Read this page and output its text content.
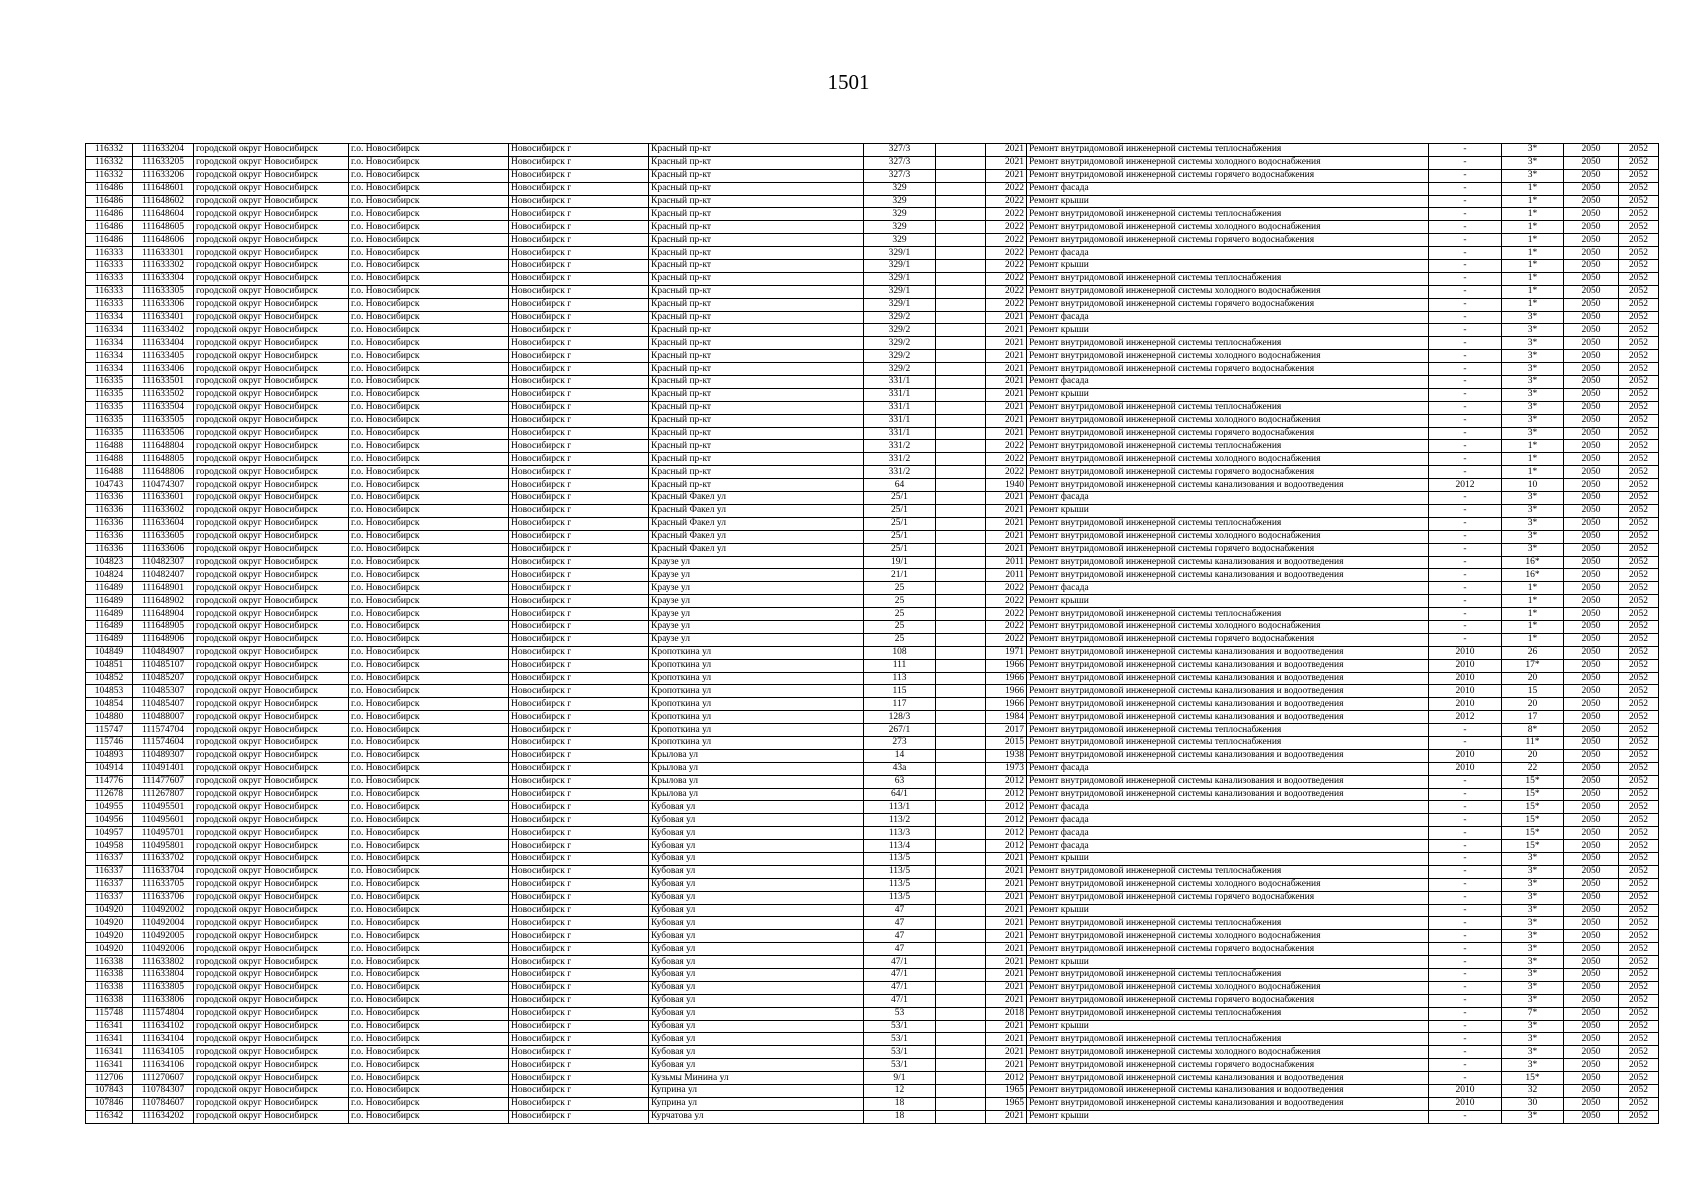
1501
116332	111633204	городской округ Новосибирск	г.о. Новосибирск	Новосибирск г	Красный пр-кт	327/3		2021	Ремонт внутридомовой инженерной системы теплоснабжения	-	3*	2050	2052
116332	111633205	городской округ Новосибирск	г.о. Новосибирск	Новосибирск г	Красный пр-кт	327/3		2021	Ремонт внутридомовой инженерной системы холодного водоснабжения	-	3*	2050	2052
116332	111633206	городской округ Новосибирск	г.о. Новосибирск	Новосибирск г	Красный пр-кт	327/3		2021	Ремонт внутридомовой инженерной системы горячего водоснабжения	-	3*	2050	2052
116486	111648601	городской округ Новосибирск	г.о. Новосибирск	Новосибирск г	Красный пр-кт	329		2022	Ремонт фасада	-	1*	2050	2052
116486	111648602	городской округ Новосибирск	г.о. Новосибирск	Новосибирск г	Красный пр-кт	329		2022	Ремонт крыши	-	1*	2050	2052
116486	111648604	городской округ Новосибирск	г.о. Новосибирск	Новосибирск г	Красный пр-кт	329		2022	Ремонт внутридомовой инженерной системы теплоснабжения	-	1*	2050	2052
116486	111648605	городской округ Новосибирск	г.о. Новосибирск	Новосибирск г	Красный пр-кт	329		2022	Ремонт внутридомовой инженерной системы холодного водоснабжения	-	1*	2050	2052
116486	111648606	городской округ Новосибирск	г.о. Новосибирск	Новосибирск г	Красный пр-кт	329		2022	Ремонт внутридомовой инженерной системы горячего водоснабжения	-	1*	2050	2052
116333	111633301	городской округ Новосибирск	г.о. Новосибирск	Новосибирск г	Красный пр-кт	329/1		2022	Ремонт фасада	-	1*	2050	2052
116333	111633302	городской округ Новосибирск	г.о. Новосибирск	Новосибирск г	Красный пр-кт	329/1		2022	Ремонт крыши	-	1*	2050	2052
116333	111633304	городской округ Новосибирск	г.о. Новосибирск	Новосибирск г	Красный пр-кт	329/1		2022	Ремонт внутридомовой инженерной системы теплоснабжения	-	1*	2050	2052
116333	111633305	городской округ Новосибирск	г.о. Новосибирск	Новосибирск г	Красный пр-кт	329/1		2022	Ремонт внутридомовой инженерной системы холодного водоснабжения	-	1*	2050	2052
116333	111633306	городской округ Новосибирск	г.о. Новосибирск	Новосибирск г	Красный пр-кт	329/1		2022	Ремонт внутридомовой инженерной системы горячего водоснабжения	-	1*	2050	2052
116334	111633401	городской округ Новосибирск	г.о. Новосибирск	Новосибирск г	Красный пр-кт	329/2		2021	Ремонт фасада	-	3*	2050	2052
116334	111633402	городской округ Новосибирск	г.о. Новосибирск	Новосибирск г	Красный пр-кт	329/2		2021	Ремонт крыши	-	3*	2050	2052
116334	111633404	городской округ Новосибирск	г.о. Новосибирск	Новосибирск г	Красный пр-кт	329/2		2021	Ремонт внутридомовой инженерной системы теплоснабжения	-	3*	2050	2052
116334	111633405	городской округ Новосибирск	г.о. Новосибирск	Новосибирск г	Красный пр-кт	329/2		2021	Ремонт внутридомовой инженерной системы холодного водоснабжения	-	3*	2050	2052
116334	111633406	городской округ Новосибирск	г.о. Новосибирск	Новосибирск г	Красный пр-кт	329/2		2021	Ремонт внутридомовой инженерной системы горячего водоснабжения	-	3*	2050	2052
116335	111633501	городской округ Новосибирск	г.о. Новосибирск	Новосибирск г	Красный пр-кт	331/1		2021	Ремонт фасада	-	3*	2050	2052
116335	111633502	городской округ Новосибирск	г.о. Новосибирск	Новосибирск г	Красный пр-кт	331/1		2021	Ремонт крыши	-	3*	2050	2052
116335	111633504	городской округ Новосибирск	г.о. Новосибирск	Новосибирск г	Красный пр-кт	331/1		2021	Ремонт внутридомовой инженерной системы теплоснабжения	-	3*	2050	2052
116335	111633505	городской округ Новосибирск	г.о. Новосибирск	Новосибирск г	Красный пр-кт	331/1		2021	Ремонт внутридомовой инженерной системы холодного водоснабжения	-	3*	2050	2052
116335	111633506	городской округ Новосибирск	г.о. Новосибирск	Новосибирск г	Красный пр-кт	331/1		2021	Ремонт внутридомовой инженерной системы горячего водоснабжения	-	3*	2050	2052
116488	111648804	городской округ Новосибирск	г.о. Новосибирск	Новосибирск г	Красный пр-кт	331/2		2022	Ремонт внутридомовой инженерной системы теплоснабжения	-	1*	2050	2052
116488	111648805	городской округ Новосибирск	г.о. Новосибирск	Новосибирск г	Красный пр-кт	331/2		2022	Ремонт внутридомовой инженерной системы холодного водоснабжения	-	1*	2050	2052
116488	111648806	городской округ Новосибирск	г.о. Новосибирск	Новосибирск г	Красный пр-кт	331/2		2022	Ремонт внутридомовой инженерной системы горячего водоснабжения	-	1*	2050	2052
104743	110474307	городской округ Новосибирск	г.о. Новосибирск	Новосибирск г	Красный пр-кт	64		1940	Ремонт внутридомовой инженерной системы канализования и водоотведения	2012	10	2050	2052
116336	111633601	городской округ Новосибирск	г.о. Новосибирск	Новосибирск г	Красный Факел ул	25/1		2021	Ремонт фасада	-	3*	2050	2052
116336	111633602	городской округ Новосибирск	г.о. Новосибирск	Новосибирск г	Красный Факел ул	25/1		2021	Ремонт крыши	-	3*	2050	2052
116336	111633604	городской округ Новосибирск	г.о. Новосибирск	Новосибирск г	Красный Факел ул	25/1		2021	Ремонт внутридомовой инженерной системы теплоснабжения	-	3*	2050	2052
116336	111633605	городской округ Новосибирск	г.о. Новосибирск	Новосибирск г	Красный Факел ул	25/1		2021	Ремонт внутридомовой инженерной системы холодного водоснабжения	-	3*	2050	2052
116336	111633606	городской округ Новосибирск	г.о. Новосибирск	Новосибирск г	Красный Факел ул	25/1		2021	Ремонт внутридомовой инженерной системы горячего водоснабжения	-	3*	2050	2052
104823	110482307	городской округ Новосибирск	г.о. Новосибирск	Новосибирск г	Краузе ул	19/1		2011	Ремонт внутридомовой инженерной системы канализования и водоотведения	-	16*	2050	2052
104824	110482407	городской округ Новосибирск	г.о. Новосибирск	Новосибирск г	Краузе ул	21/1		2011	Ремонт внутридомовой инженерной системы канализования и водоотведения	-	16*	2050	2052
116489	111648901	городской округ Новосибирск	г.о. Новосибирск	Новосибирск г	Краузе ул	25		2022	Ремонт фасада	-	1*	2050	2052
116489	111648902	городской округ Новосибирск	г.о. Новосибирск	Новосибирск г	Краузе ул	25		2022	Ремонт крыши	-	1*	2050	2052
116489	111648904	городской округ Новосибирск	г.о. Новосибирск	Новосибирск г	Краузе ул	25		2022	Ремонт внутридомовой инженерной системы теплоснабжения	-	1*	2050	2052
116489	111648905	городской округ Новосибирск	г.о. Новосибирск	Новосибирск г	Краузе ул	25		2022	Ремонт внутридомовой инженерной системы холодного водоснабжения	-	1*	2050	2052
116489	111648906	городской округ Новосибирск	г.о. Новосибирск	Новосибирск г	Краузе ул	25		2022	Ремонт внутридомовой инженерной системы горячего водоснабжения	-	1*	2050	2052
104849	110484907	городской округ Новосибирск	г.о. Новосибирск	Новосибирск г	Кропоткина ул	108		1971	Ремонт внутридомовой инженерной системы канализования и водоотведения	2010	26	2050	2052
104851	110485107	городской округ Новосибирск	г.о. Новосибирск	Новосибирск г	Кропоткина ул	111		1966	Ремонт внутридомовой инженерной системы канализования и водоотведения	2010	17*	2050	2052
104852	110485207	городской округ Новосибирск	г.о. Новосибирск	Новосибирск г	Кропоткина ул	113		1966	Ремонт внутридомовой инженерной системы канализования и водоотведения	2010	20	2050	2052
104853	110485307	городской округ Новосибирск	г.о. Новосибирск	Новосибирск г	Кропоткина ул	115		1966	Ремонт внутридомовой инженерной системы канализования и водоотведения	2010	15	2050	2052
104854	110485407	городской округ Новосибирск	г.о. Новосибирск	Новосибирск г	Кропоткина ул	117		1966	Ремонт внутридомовой инженерной системы канализования и водоотведения	2010	20	2050	2052
104880	110488007	городской округ Новосибирск	г.о. Новосибирск	Новосибирск г	Кропоткина ул	128/3		1984	Ремонт внутридомовой инженерной системы канализования и водоотведения	2012	17	2050	2052
115747	111574704	городской округ Новосибирск	г.о. Новосибирск	Новосибирск г	Кропоткина ул	267/1		2017	Ремонт внутридомовой инженерной системы теплоснабжения	-	8*	2050	2052
115746	111574604	городской округ Новосибирск	г.о. Новосибирск	Новосибирск г	Кропоткина ул	273		2015	Ремонт внутридомовой инженерной системы теплоснабжения	-	11*	2050	2052
104893	110489307	городской округ Новосибирск	г.о. Новосибирск	Новосибирск г	Крылова ул	14		1938	Ремонт внутридомовой инженерной системы канализования и водоотведения	2010	20	2050	2052
104914	110491401	городской округ Новосибирск	г.о. Новосибирск	Новосибирск г	Крылова ул	43а		1973	Ремонт фасада	2010	22	2050	2052
114776	111477607	городской округ Новосибирск	г.о. Новосибирск	Новосибирск г	Крылова ул	63		2012	Ремонт внутридомовой инженерной системы канализования и водоотведения	-	15*	2050	2052
112678	111267807	городской округ Новосибирск	г.о. Новосибирск	Новосибирск г	Крылова ул	64/1		2012	Ремонт внутридомовой инженерной системы канализования и водоотведения	-	15*	2050	2052
104955	110495501	городской округ Новосибирск	г.о. Новосибирск	Новосибирск г	Кубовая ул	113/1		2012	Ремонт фасада	-	15*	2050	2052
104956	110495601	городской округ Новосибирск	г.о. Новосибирск	Новосибирск г	Кубовая ул	113/2		2012	Ремонт фасада	-	15*	2050	2052
104957	110495701	городской округ Новосибирск	г.о. Новосибирск	Новосибирск г	Кубовая ул	113/3		2012	Ремонт фасада	-	15*	2050	2052
104958	110495801	городской округ Новосибирск	г.о. Новосибирск	Новосибирск г	Кубовая ул	113/4		2012	Ремонт фасада	-	15*	2050	2052
116337	111633702	городской округ Новосибирск	г.о. Новосибирск	Новосибирск г	Кубовая ул	113/5		2021	Ремонт крыши	-	3*	2050	2052
116337	111633704	городской округ Новосибирск	г.о. Новосибирск	Новосибирск г	Кубовая ул	113/5		2021	Ремонт внутридомовой инженерной системы теплоснабжения	-	3*	2050	2052
116337	111633705	городской округ Новосибирск	г.о. Новосибирск	Новосибирск г	Кубовая ул	113/5		2021	Ремонт внутридомовой инженерной системы холодного водоснабжения	-	3*	2050	2052
116337	111633706	городской округ Новосибирск	г.о. Новосибирск	Новосибирск г	Кубовая ул	113/5		2021	Ремонт внутридомовой инженерной системы горячего водоснабжения	-	3*	2050	2052
104920	110492002	городской округ Новосибирск	г.о. Новосибирск	Новосибирск г	Кубовая ул	47		2021	Ремонт крыши	-	3*	2050	2052
104920	110492004	городской округ Новосибирск	г.о. Новосибирск	Новосибирск г	Кубовая ул	47		2021	Ремонт внутридомовой инженерной системы теплоснабжения	-	3*	2050	2052
104920	110492005	городской округ Новосибирск	г.о. Новосибирск	Новосибирск г	Кубовая ул	47		2021	Ремонт внутридомовой инженерной системы холодного водоснабжения	-	3*	2050	2052
104920	110492006	городской округ Новосибирск	г.о. Новосибирск	Новосибирск г	Кубовая ул	47		2021	Ремонт внутридомовой инженерной системы горячего водоснабжения	-	3*	2050	2052
116338	111633802	городской округ Новосибирск	г.о. Новосибирск	Новосибирск г	Кубовая ул	47/1		2021	Ремонт крыши	-	3*	2050	2052
116338	111633804	городской округ Новосибирск	г.о. Новосибирск	Новосибирск г	Кубовая ул	47/1		2021	Ремонт внутридомовой инженерной системы теплоснабжения	-	3*	2050	2052
116338	111633805	городской округ Новосибирск	г.о. Новосибирск	Новосибирск г	Кубовая ул	47/1		2021	Ремонт внутридомовой инженерной системы холодного водоснабжения	-	3*	2050	2052
116338	111633806	городской округ Новосибирск	г.о. Новосибирск	Новосибирск г	Кубовая ул	47/1		2021	Ремонт внутридомовой инженерной системы горячего водоснабжения	-	3*	2050	2052
115748	111574804	городской округ Новосибирск	г.о. Новосибирск	Новосибирск г	Кубовая ул	53		2018	Ремонт внутридомовой инженерной системы теплоснабжения	-	7*	2050	2052
116341	111634102	городской округ Новосибирск	г.о. Новосибирск	Новосибирск г	Кубовая ул	53/1		2021	Ремонт крыши	-	3*	2050	2052
116341	111634104	городской округ Новосибирск	г.о. Новосибирск	Новосибирск г	Кубовая ул	53/1		2021	Ремонт внутридомовой инженерной системы теплоснабжения	-	3*	2050	2052
116341	111634105	городской округ Новосибирск	г.о. Новосибирск	Новосибирск г	Кубовая ул	53/1		2021	Ремонт внутридомовой инженерной системы холодного водоснабжения	-	3*	2050	2052
116341	111634106	городской округ Новосибирск	г.о. Новосибирск	Новосибирск г	Кубовая ул	53/1		2021	Ремонт внутридомовой инженерной системы горячего водоснабжения	-	3*	2050	2052
112706	111270607	городской округ Новосибирск	г.о. Новосибирск	Новосибирск г	Кузьмы Минина ул	9/1		2012	Ремонт внутридомовой инженерной системы канализования и водоотведения	-	15*	2050	2052
107843	110784307	городской округ Новосибирск	г.о. Новосибирск	Новосибирск г	Куприна ул	12		1965	Ремонт внутридомовой инженерной системы канализования и водоотведения	2010	32	2050	2052
107846	110784607	городской округ Новосибирск	г.о. Новосибирск	Новосибирск г	Куприна ул	18		1965	Ремонт внутридомовой инженерной системы канализования и водоотведения	2010	30	2050	2052
116342	111634202	городской округ Новосибирск	г.о. Новосибирск	Новосибирск г	Курчатова ул	18		2021	Ремонт крыши	-	3*	2050	2052
